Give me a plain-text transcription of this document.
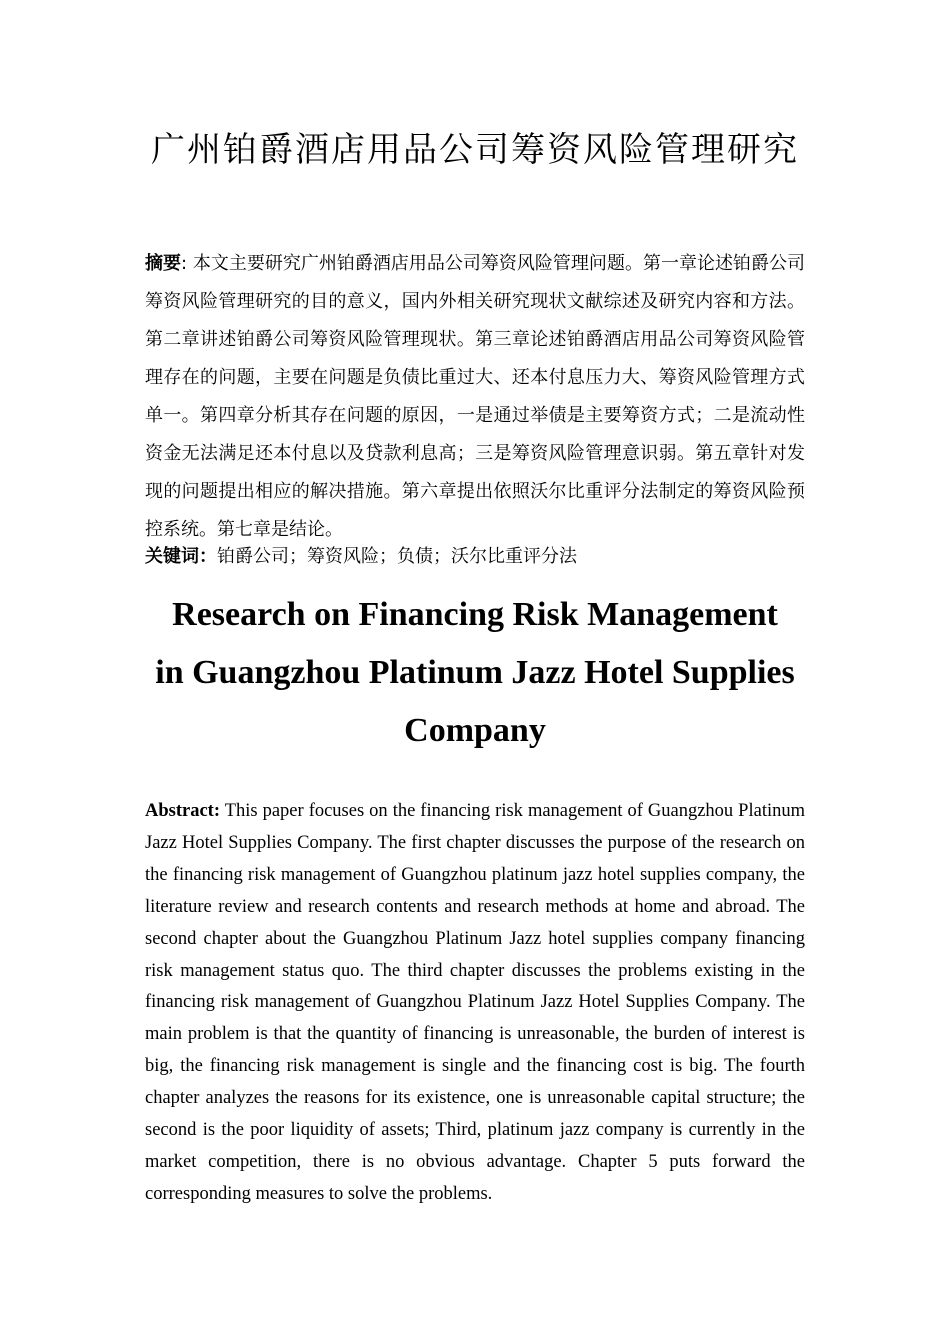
广州铂爵酒店用品公司筹资风险管理研究

摘要: 本文主要研究广州铂爵酒店用品公司筹资风险管理问题。第一章论述铂爵公司筹资风险管理研究的目的意义，国内外相关研究现状文献综述及研究内容和方法。第二章讲述铂爵公司筹资风险管理现状。第三章论述铂爵酒店用品公司筹资风险管理存在的问题，主要在问题是负债比重过大、还本付息压力大、筹资风险管理方式单一。第四章分析其存在问题的原因，一是通过举债是主要筹资方式；二是流动性资金无法满足还本付息以及贷款利息高；三是筹资风险管理意识弱。第五章针对发现的问题提出相应的解决措施。第六章提出依照沃尔比重评分法制定的筹资风险预控系统。第七章是结论。

关键词：铂爵公司；筹资风险；负债；沃尔比重评分法

Research on Financing Risk Management
in Guangzhou Platinum Jazz Hotel Supplies
Company

Abstract: This paper focuses on the financing risk management of Guangzhou Platinum Jazz Hotel Supplies Company. The first chapter discusses the purpose of the research on the financing risk management of Guangzhou platinum jazz hotel supplies company, the literature review and research contents and research methods at home and abroad. The second chapter about the Guangzhou Platinum Jazz hotel supplies company financing risk management status quo. The third chapter discusses the problems existing in the financing risk management of Guangzhou Platinum Jazz Hotel Supplies Company. The main problem is that the quantity of financing is unreasonable, the burden of interest is big, the financing risk management is single and the financing cost is big. The fourth chapter analyzes the reasons for its existence, one is unreasonable capital structure; the second is the poor liquidity of assets; Third, platinum jazz company is currently in the market competition, there is no obvious advantage. Chapter 5 puts forward the corresponding measures to solve the problems.
